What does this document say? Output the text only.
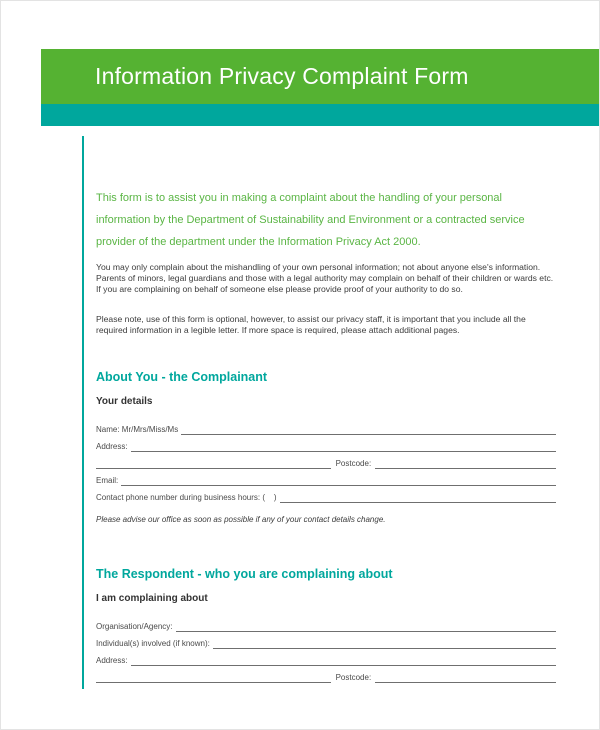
Information Privacy Complaint Form

This form is to assist you in making a complaint about the handling of your personal information by the Department of Sustainability and Environment or a contracted service provider of the department under the Information Privacy Act 2000.

You may only complain about the mishandling of your own personal information; not about anyone else's information. Parents of minors, legal guardians and those with a legal authority may complain on behalf of their children or wards etc. If you are complaining on behalf of someone else please provide proof of your authority to do so.

Please note, use of this form is optional, however, to assist our privacy staff, it is important that you include all the required information in a legible letter. If more space is required, please attach additional pages.

About You - the Complainant
Your details
Name: Mr/Mrs/Miss/Ms
Address:
Postcode:
Email:
Contact phone number during business hours: (    )

Please advise our office as soon as possible if any of your contact details change.

The Respondent - who you are complaining about
I am complaining about
Organisation/Agency:
Individual(s) involved (if known):
Address:
Postcode:
